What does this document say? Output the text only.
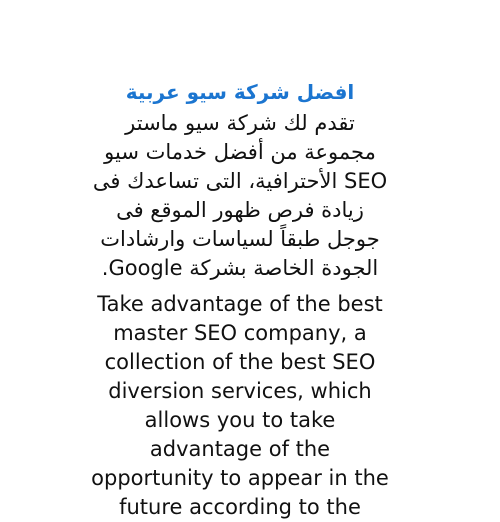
افضل شركة سيو عربية

تقدم لك شركة سيو ماستر مجموعة من أفضل خدمات سيو SEO الأحترافية، التى تساعدك فى زيادة فرص ظهور الموقع فى جوجل طبقاً لسياسات وارشادات الجودة الخاصة بشركة Google.

Take advantage of the best master SEO company, a collection of the best SEO diversion services, which allows you to take advantage of the opportunity to appear in the future according to the
